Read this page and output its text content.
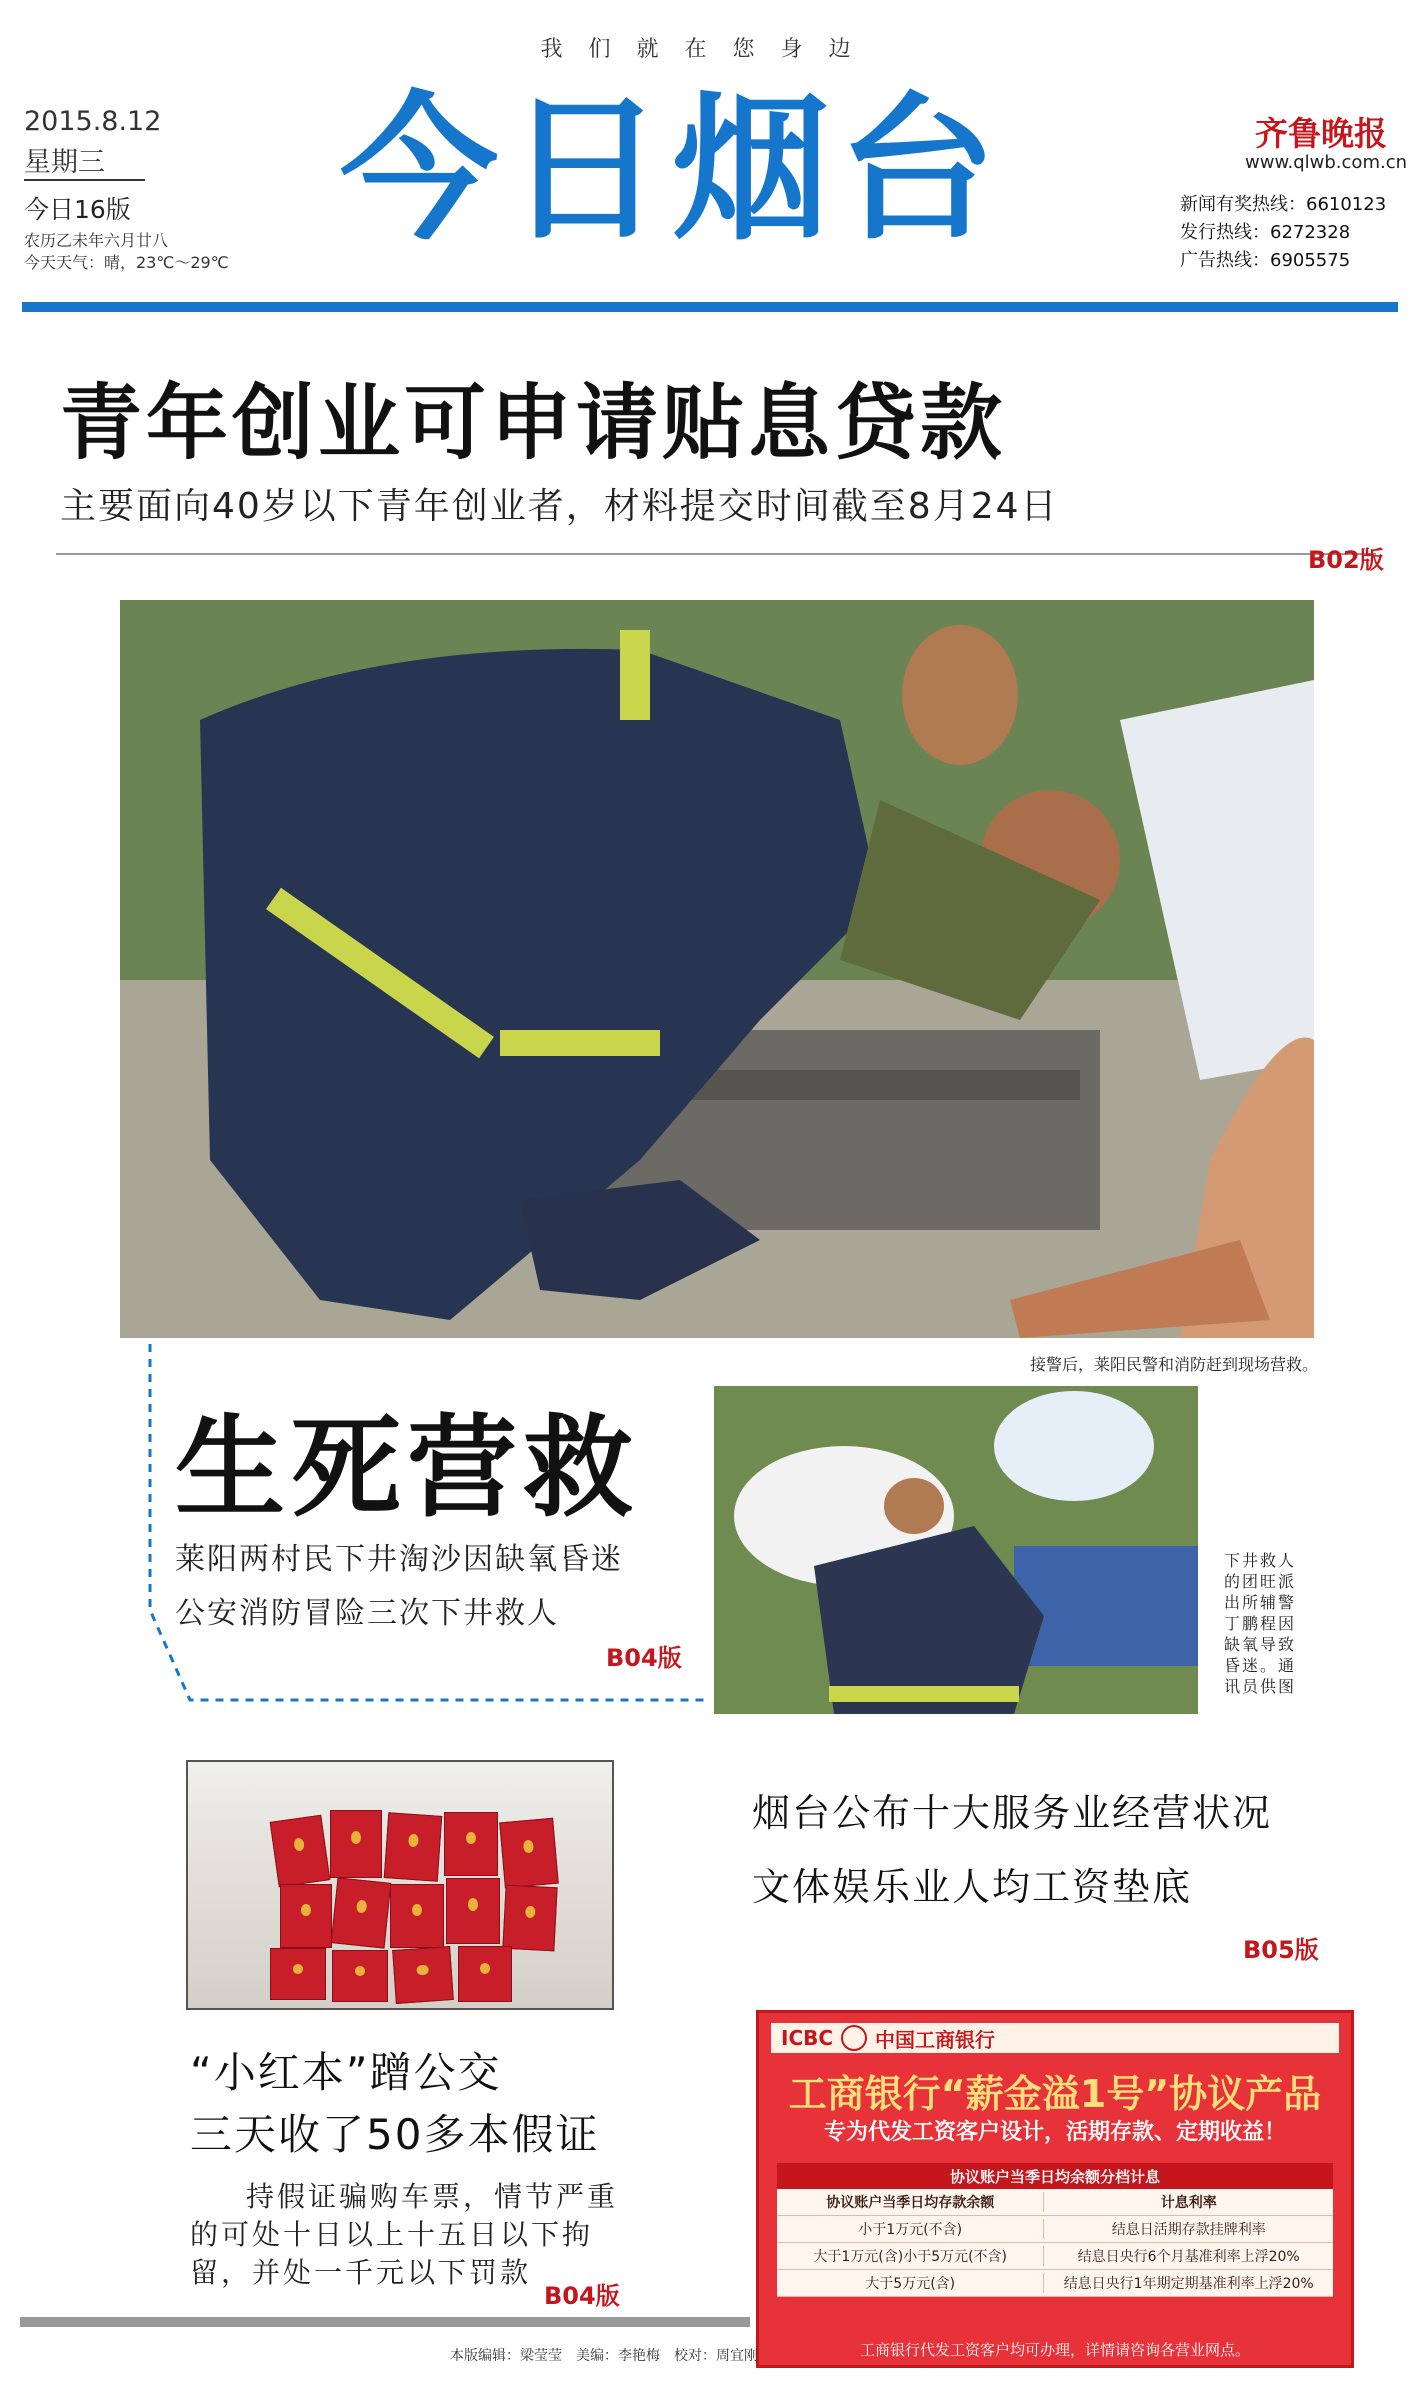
我们就在您身边
2015.8.12
星期三
今日16版
农历乙未年六月廿八
今天天气：晴，23℃～29℃
今日烟台	齐鲁晚报
www.qlwb.com.cn
新闻有奖热线：6610123
发行热线：6272328
广告热线：6905575
青年创业可申请贴息贷款
主要面向40岁以下青年创业者，材料提交时间截至8月24日
B02版
接警后，莱阳民警和消防赶到现场营救。
生死营救
莱阳两村民下井淘沙因缺氧昏迷
公安消防冒险三次下井救人
B04版
下井救人的团旺派出所辅警丁鹏程因缺氧导致昏迷。通讯员供图
烟台公布十大服务业经营状况
文体娱乐业人均工资垫底
B05版
“小红本”蹭公交
三天收了50多本假证
持假证骗购车票，情节严重的可处十日以上十五日以下拘留，并处一千元以下罚款
B04版
ICBC 中国工商银行
工商银行“薪金溢1号”协议产品
专为代发工资客户设计，活期存款、定期收益！
协议账户当季日均余额分档计息
协议账户当季日均存款余额	计息利率
小于1万元(不含)	结息日活期存款挂牌利率
大于1万元(含)小于5万元(不含)	结息日央行6个月基准利率上浮20%
大于5万元(含)	结息日央行1年期定期基准利率上浮20%
工商银行代发工资客户均可办理，详情请咨询各营业网点。
本版编辑：梁莹莹　美编：李艳梅　校对：周宜刚
